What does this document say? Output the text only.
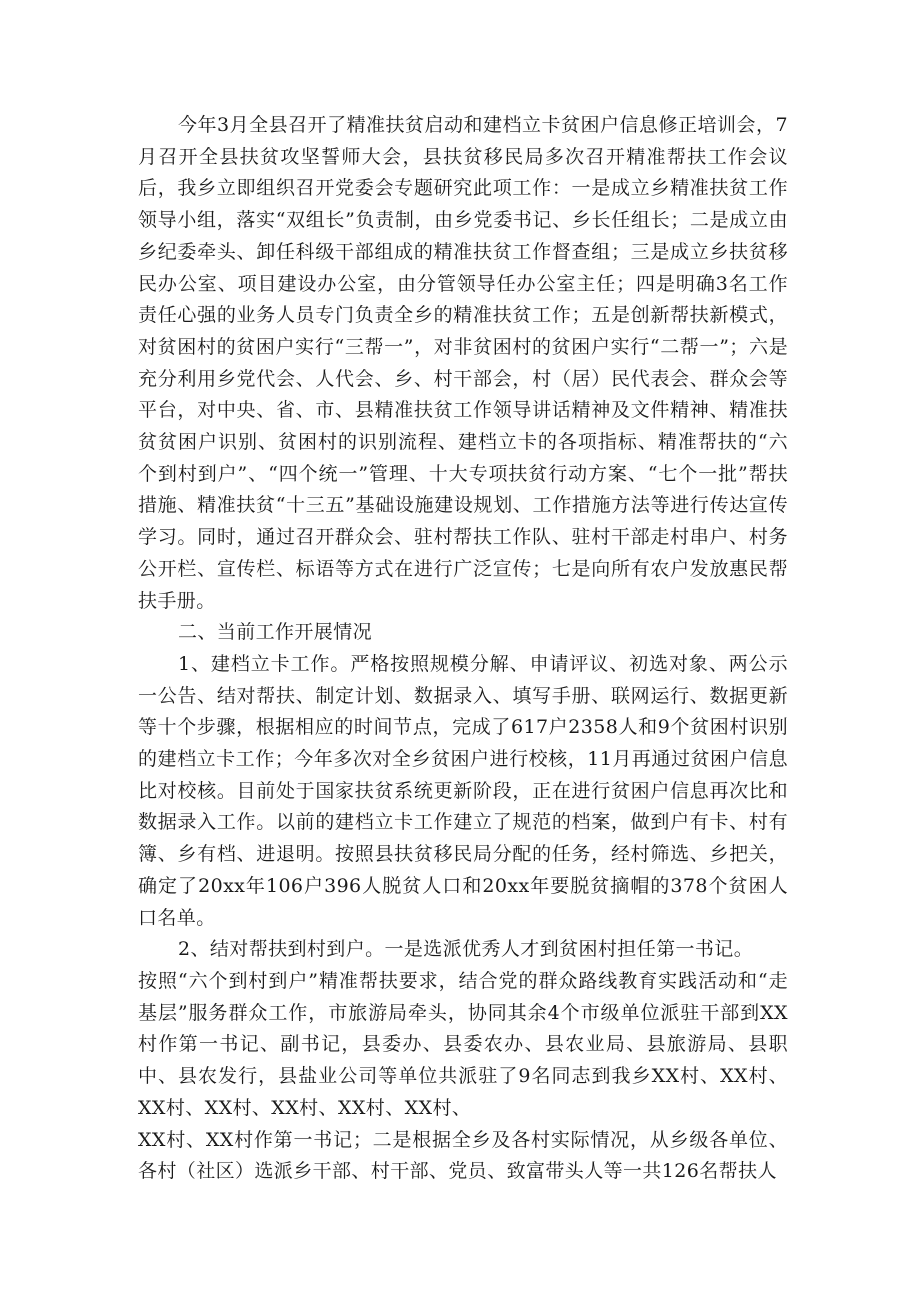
今年3月全县召开了精准扶贫启动和建档立卡贫困户信息修正培训会，7月召开全县扶贫攻坚誓师大会，县扶贫移民局多次召开精准帮扶工作会议后，我乡立即组织召开党委会专题研究此项工作：一是成立乡精准扶贫工作领导小组，落实“双组长”负责制，由乡党委书记、乡长任组长；二是成立由乡纪委牵头、卸任科级干部组成的精准扶贫工作督查组；三是成立乡扶贫移民办公室、项目建设办公室，由分管领导任办公室主任；四是明确3名工作责任心强的业务人员专门负责全乡的精准扶贫工作；五是创新帮扶新模式，对贫困村的贫困户实行“三帮一”，对非贫困村的贫困户实行“二帮一”；六是充分利用乡党代会、人代会、乡、村干部会，村（居）民代表会、群众会等平台，对中央、省、市、县精准扶贫工作领导讲话精神及文件精神、精准扶贫贫困户识别、贫困村的识别流程、建档立卡的各项指标、精准帮扶的“六个到村到户”、“四个统一”管理、十大专项扶贫行动方案、“七个一批”帮扶措施、精准扶贫“十三五”基础设施建设规划、工作措施方法等进行传达宣传学习。同时，通过召开群众会、驻村帮扶工作队、驻村干部走村串户、村务公开栏、宣传栏、标语等方式在进行广泛宣传；七是向所有农户发放惠民帮扶手册。

二、当前工作开展情况

1、建档立卡工作。严格按照规模分解、申请评议、初选对象、两公示一公告、结对帮扶、制定计划、数据录入、填写手册、联网运行、数据更新等十个步骤，根据相应的时间节点，完成了617户2358人和9个贫困村识别的建档立卡工作；今年多次对全乡贫困户进行校核，11月再通过贫困户信息比对校核。目前处于国家扶贫系统更新阶段，正在进行贫困户信息再次比和数据录入工作。以前的建档立卡工作建立了规范的档案，做到户有卡、村有簿、乡有档、进退明。按照县扶贫移民局分配的任务，经村筛选、乡把关，确定了20xx年106户396人脱贫人口和20xx年要脱贫摘帽的378个贫困人口名单。

2、结对帮扶到村到户。一是选派优秀人才到贫困村担任第一书记。

按照“六个到村到户”精准帮扶要求，结合党的群众路线教育实践活动和“走基层”服务群众工作，市旅游局牵头，协同其余4个市级单位派驻干部到XX村作第一书记、副书记，县委办、县委农办、县农业局、县旅游局、县职中、县农发行，县盐业公司等单位共派驻了9名同志到我乡XX村、XX村、XX村、XX村、XX村、XX村、XX村、

XX村、XX村作第一书记；二是根据全乡及各村实际情况，从乡级各单位、各村（社区）选派乡干部、村干部、党员、致富带头人等一共126名帮扶人
